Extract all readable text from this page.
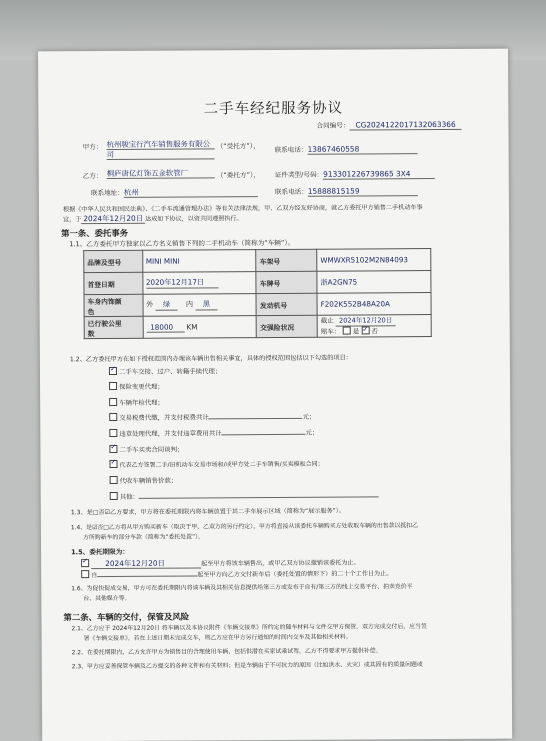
二手车经纪服务协议
合同编号： CG2024122017132063366
甲方： 杭州骏宝行汽车销售服务有限公
司
（“受托方”）， 联系电话：13867460558
乙方： 桐庐唐亿灯饰五金软管厂	（“委托方”）， 证件类型/号码：913301226739865 3X4
联系地址：杭州	联系电话：15888815159
根据《中华人民共和国民法典》、《二手车流通管理办法》等有关法律法规，甲、乙双方经友好协商，就乙方委托甲方销售二手机动车事
宜，于 2024年12月20日 达成如下协议，以资共同遵照执行。
第一条、委托事务
1.1、乙方委托甲方独家以乙方名义销售下列的二手机动车（简称为“车辆”）。
品牌及型号	MINI MINI	车架号	WMWXR5102M2N84093
首登日期	2020年12月17日	车牌号	浙A2GN75
车身内饰颜
色	外 绿 内 黑	发动机号	F202K552B48A20A
已行驶公里
数	18000 KM	交强险状况	截止 2024年12月20日
赔车： 是 ✓ 否
1.2、乙方委托甲方在如下授权范围内办理该车辆出售相关事宜，具体的授权范围包括以下勾选的项目：
✓二手车交接、过户、转籍手续代理；
保险变更代理；
车辆年检代理；
交易税费代缴，并支付税费共计	元；
违章处理代理，并支付违章费用共计	元；
✓二手车买卖合同谈判；
✓代表乙方签署二手/旧机动车交易市场和/或甲方处二手车销售/买卖模板合同；
代收车辆销售价款；
其他：
1.3、是□否☑乙方要求，甲方将在委托期限内将车辆放置于其二手车展示区域（简称为“展示服务”）。
1.4、是☑否□乙方将从甲方购买新车（取决于甲、乙双方的另行约定），甲方将直接从该委托车辆购买方处收取车辆的出售款以抵扣乙
方所购新车的部分车款（简称为“委托处置”）。
1.5、委托期限为：
✓2024年12月20日	起至甲方将该车辆售出，或甲乙双方协议撤销该委托为止。
自	起至甲方向乙方交付新车后（委托处置的情形下）的二十个工作日为止。
1.6、为促快促成交易，甲方可在委托期限内将该车辆及其相关信息提供给第三方或发布于自有/第三方的线上交易平台、拍卖竞价平
台、其他媒介等。
第二条、车辆的交付，保管及风险
2.1、乙方应于 2024年12月20日 将车辆以及本协议附件《车辆交接单》所约定的随车材料与文件交甲方保管。双方完成交付后，应当签
署《车辆交接单》。若在上述日期未完成交车，则乙方应在甲方另行通知的时间内交车及其他相关材料。
2.2、在委托期限内，乙方允许甲方为销售目的合理使用车辆，包括供潜在买家试乘试驾。乙方不得要求甲方提供补偿。
2.3、甲方应妥善保管车辆及乙方提交的各种文件和有关材料；但是车辆由于不可抗力的原因（比如洪水、火灾）或其固有的质量问题或
